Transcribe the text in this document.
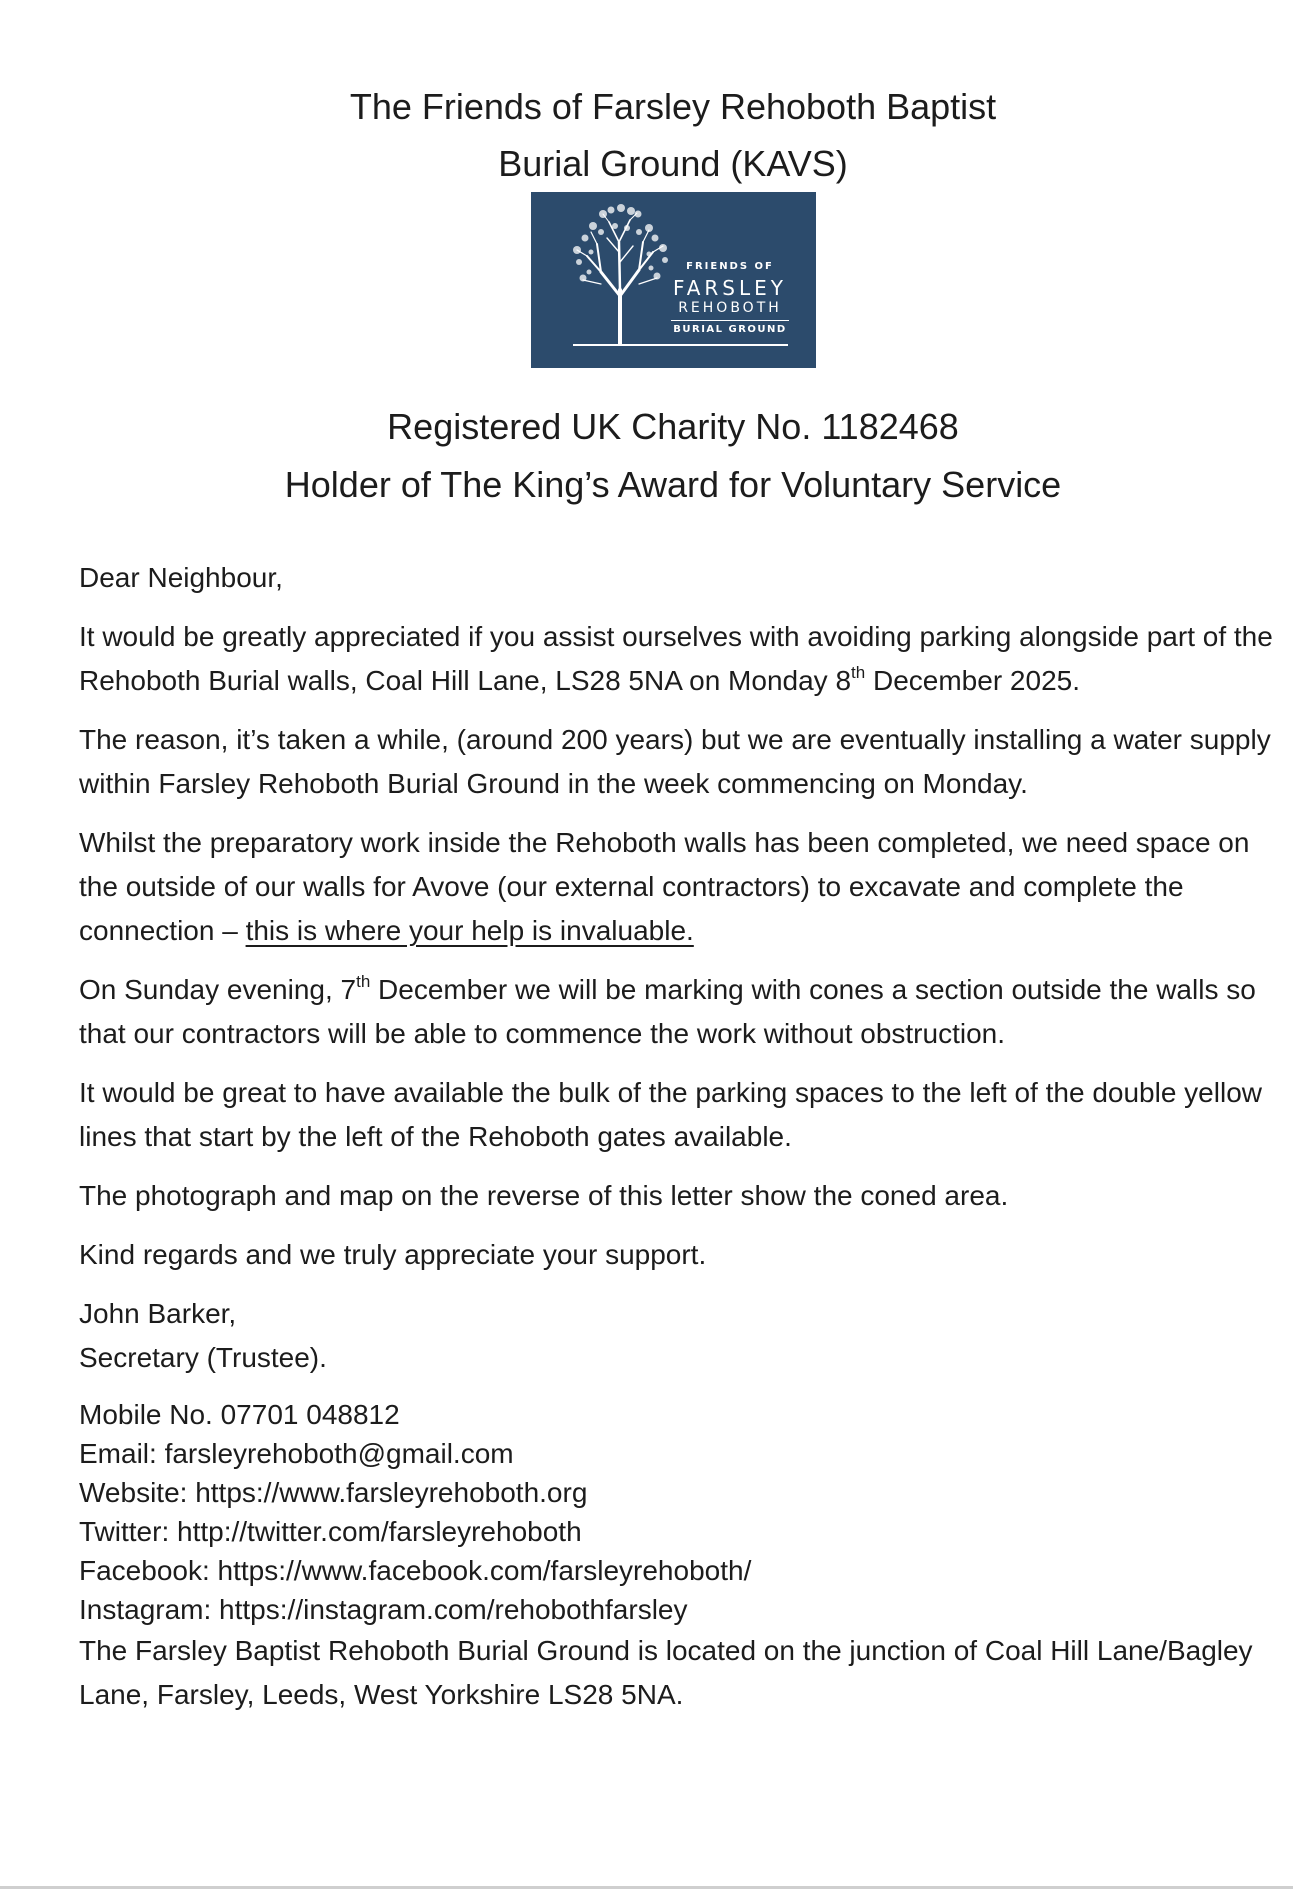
The Friends of Farsley Rehoboth Baptist
Burial Ground (KAVS)
FRIENDS OF
FARSLEY
REHOBOTH
BURIAL GROUND
Registered UK Charity No. 1182468
Holder of The King’s Award for Voluntary Service

Dear Neighbour,

It would be greatly appreciated if you assist ourselves with avoiding parking alongside part of the Rehoboth Burial walls, Coal Hill Lane, LS28 5NA on Monday 8th December 2025.

The reason, it’s taken a while, (around 200 years) but we are eventually installing a water supply within Farsley Rehoboth Burial Ground in the week commencing on Monday.

Whilst the preparatory work inside the Rehoboth walls has been completed, we need space on the outside of our walls for Avove (our external contractors) to excavate and complete the connection – this is where your help is invaluable.

On Sunday evening, 7th December we will be marking with cones a section outside the walls so that our contractors will be able to commence the work without obstruction.

It would be great to have available the bulk of the parking spaces to the left of the double yellow lines that start by the left of the Rehoboth gates available.

The photograph and map on the reverse of this letter show the coned area.

Kind regards and we truly appreciate your support.

John Barker,

Secretary (Trustee).

Mobile No. 07701 048812
Email: farsleyrehoboth@gmail.com
Website: https://www.farsleyrehoboth.org
Twitter: http://twitter.com/farsleyrehoboth
Facebook: https://www.facebook.com/farsleyrehoboth/
Instagram: https://instagram.com/rehobothfarsley

The Farsley Baptist Rehoboth Burial Ground is located on the junction of Coal Hill Lane/Bagley Lane, Farsley, Leeds, West Yorkshire LS28 5NA.
